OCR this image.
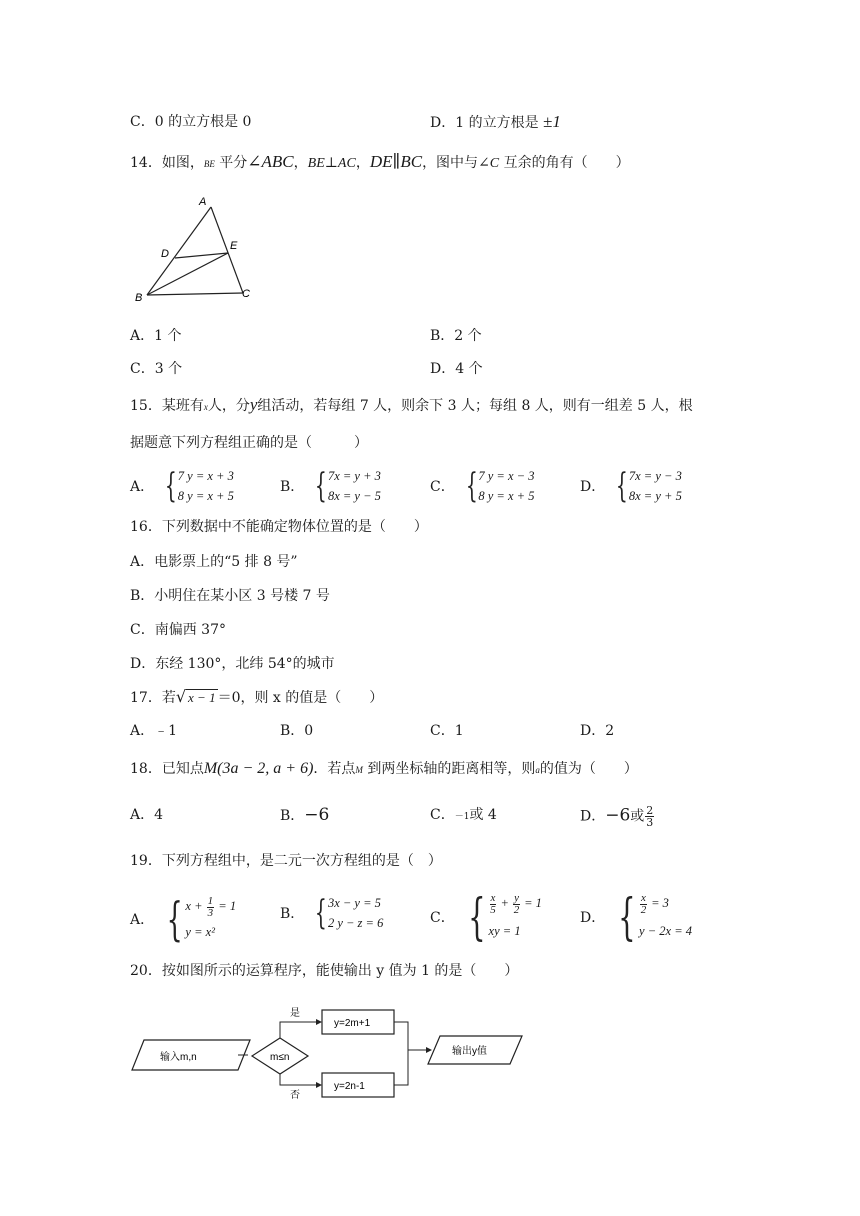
C．0 的立方根是 0	D．1 的立方根是 ±1
14．如图，BE 平分∠ABC，BE⊥AC，DE∥BC，图中与∠C 互余的角有（　　）
A
D
E
B	C
A．1 个	B．2 个
C．3 个	D．4 个
15．某班有x人，分y组活动，若每组 7 人，则余下 3 人；每组 8 人，则有一组差 5 人，根
据题意下列方程组正确的是（　　　）
A． { 7 y = x + 3
8 y = x + 5
B． { 7x = y + 3
8x = y − 5
C． { 7 y = x − 3
8 y = x + 5
D． { 7x = y − 3
8x = y + 5
16．下列数据中不能确定物体位置的是（　　）
A．电影票上的“5 排 8 号”
B．小明住在某小区 3 号楼 7 号
C．南偏西 37°
D．东经 130°，北纬 54°的城市
17．若√ x − 1 ＝0，则 x 的值是（　　）
A．﹣1	B．0	C．1	D．2
18．已知点M(3a − 2, a + 6)．若点M 到两坐标轴的距离相等，则a的值为（　　）
A．4	B．−6	C．－1或 4	D．−6或 $\frac{2}{3}$
19．下列方程组中，是二元一次方程组的是（　）
A． { $x + \frac{1}{3} = 1$
y = x²
B． { 3x − y = 5
2 y − z = 6	C． { $\frac{x}{5} + \frac{y}{2} = 1$
xy = 1
D． { $\frac{x}{2} = 3$
y − 2x = 4
20．按如图所示的运算程序，能使输出 y 值为 1 的是（　　）
输入m,n	m≤n
是
否
y=2m+1
y=2n-1
输出y值
